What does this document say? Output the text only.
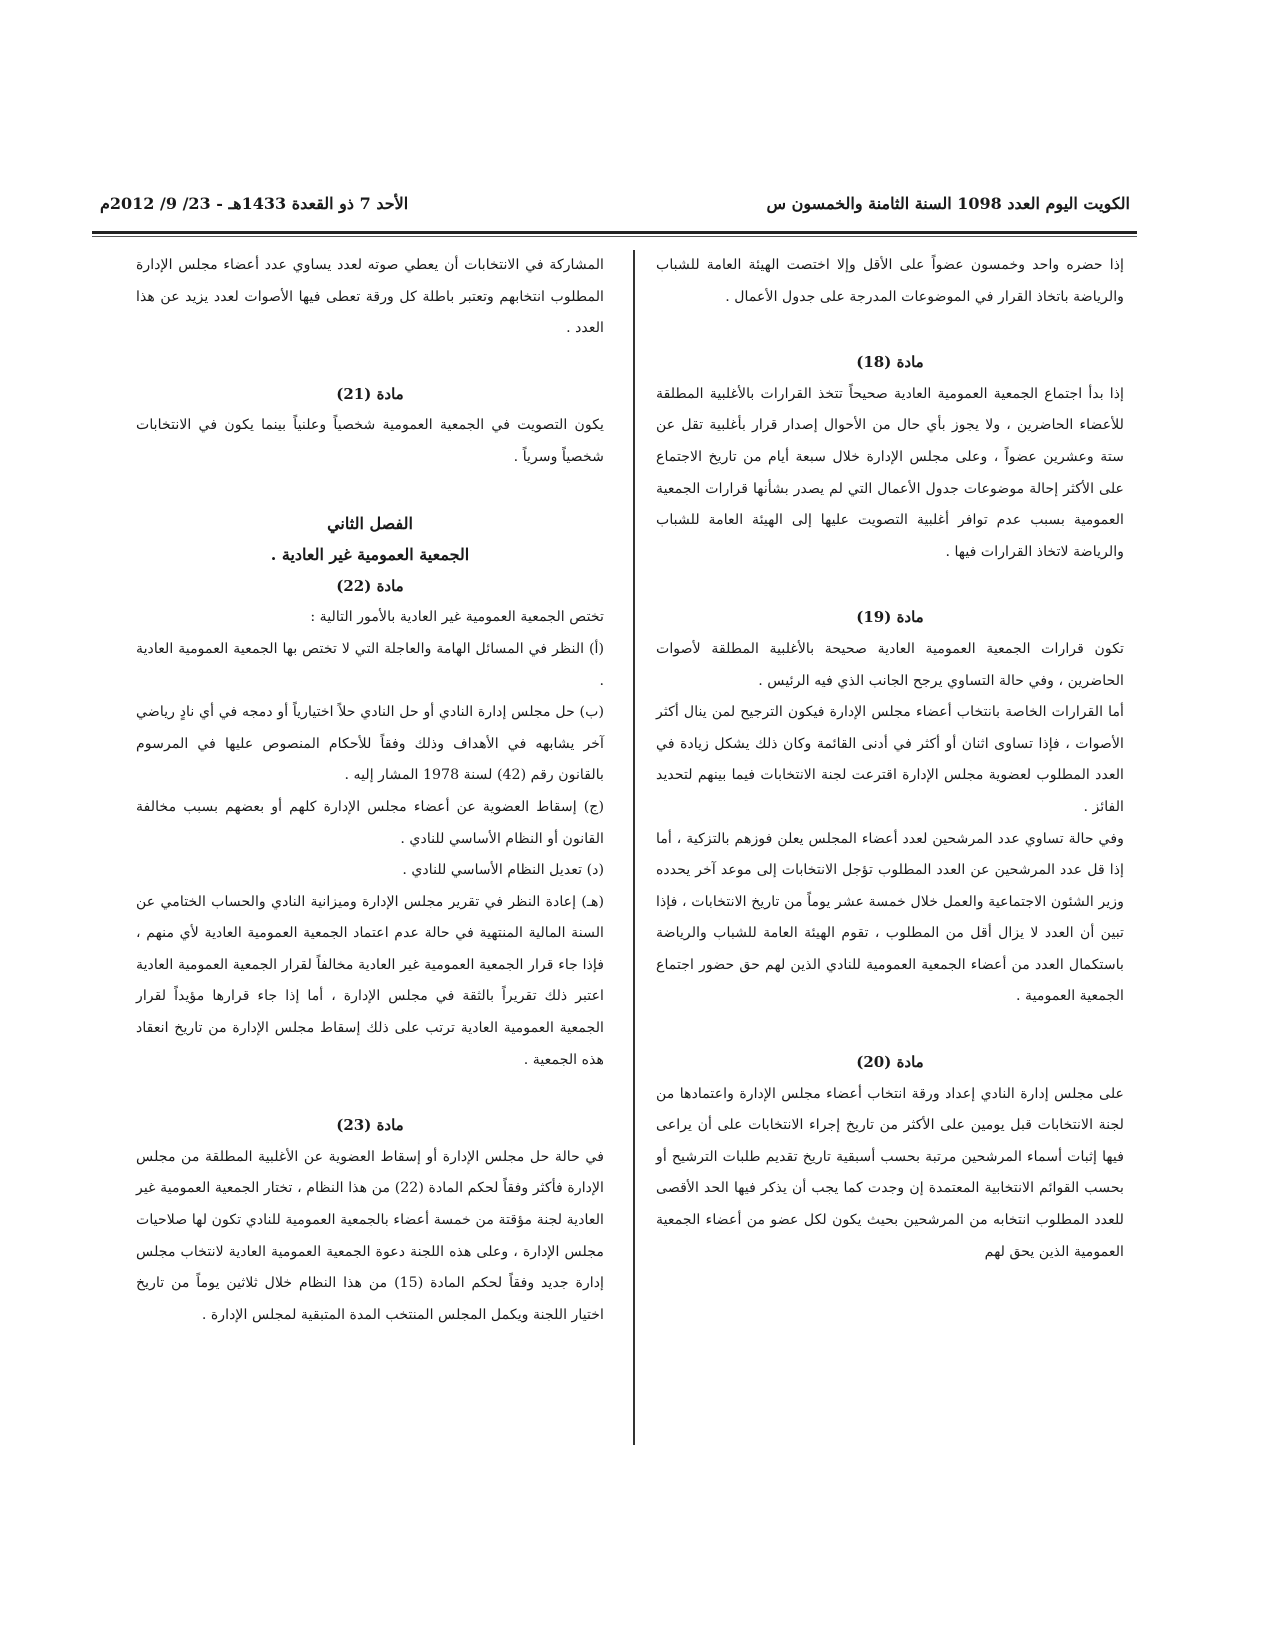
الكويت اليوم العدد 1098 السنة الثامنة والخمسون س
الأحد 7 ذو القعدة 1433هـ - 23/ 9/ 2012م

إذا حضره واحد وخمسون عضواً على الأقل وإلا اختصت الهيئة العامة للشباب والرياضة باتخاذ القرار في الموضوعات المدرجة على جدول الأعمال .

مادة (18)

إذا بدأ اجتماع الجمعية العمومية العادية صحيحاً تتخذ القرارات بالأغلبية المطلقة للأعضاء الحاضرين ، ولا يجوز بأي حال من الأحوال إصدار قرار بأغلبية تقل عن ستة وعشرين عضواً ، وعلى مجلس الإدارة خلال سبعة أيام من تاريخ الاجتماع على الأكثر إحالة موضوعات جدول الأعمال التي لم يصدر بشأنها قرارات الجمعية العمومية بسبب عدم توافر أغلبية التصويت عليها إلى الهيئة العامة للشباب والرياضة لاتخاذ القرارات فيها .

مادة (19)

تكون قرارات الجمعية العمومية العادية صحيحة بالأغلبية المطلقة لأصوات الحاضرين ، وفي حالة التساوي يرجح الجانب الذي فيه الرئيس .

أما القرارات الخاصة بانتخاب أعضاء مجلس الإدارة فيكون الترجيح لمن ينال أكثر الأصوات ، فإذا تساوى اثنان أو أكثر في أدنى القائمة وكان ذلك يشكل زيادة في العدد المطلوب لعضوية مجلس الإدارة اقترعت لجنة الانتخابات فيما بينهم لتحديد الفائز .

وفي حالة تساوي عدد المرشحين لعدد أعضاء المجلس يعلن فوزهم بالتزكية ، أما إذا قل عدد المرشحين عن العدد المطلوب تؤجل الانتخابات إلى موعد آخر يحدده وزير الشئون الاجتماعية والعمل خلال خمسة عشر يوماً من تاريخ الانتخابات ، فإذا تبين أن العدد لا يزال أقل من المطلوب ، تقوم الهيئة العامة للشباب والرياضة باستكمال العدد من أعضاء الجمعية العمومية للنادي الذين لهم حق حضور اجتماع الجمعية العمومية .

مادة (20)

على مجلس إدارة النادي إعداد ورقة انتخاب أعضاء مجلس الإدارة واعتمادها من لجنة الانتخابات قبل يومين على الأكثر من تاريخ إجراء الانتخابات على أن يراعى فيها إثبات أسماء المرشحين مرتبة بحسب أسبقية تاريخ تقديم طلبات الترشيح أو بحسب القوائم الانتخابية المعتمدة إن وجدت كما يجب أن يذكر فيها الحد الأقصى للعدد المطلوب انتخابه من المرشحين بحيث يكون لكل عضو من أعضاء الجمعية العمومية الذين يحق لهم

المشاركة في الانتخابات أن يعطي صوته لعدد يساوي عدد أعضاء مجلس الإدارة المطلوب انتخابهم وتعتبر باطلة كل ورقة تعطى فيها الأصوات لعدد يزيد عن هذا العدد .

مادة (21)

يكون التصويت في الجمعية العمومية شخصياً وعلنياً بينما يكون في الانتخابات شخصياً وسرياً .

الفصل الثاني

الجمعية العمومية غير العادية .

مادة (22)

تختص الجمعية العمومية غير العادية بالأمور التالية :

(أ) النظر في المسائل الهامة والعاجلة التي لا تختص بها الجمعية العمومية العادية .

(ب) حل مجلس إدارة النادي أو حل النادي حلاً اختيارياً أو دمجه في أي نادٍ رياضي آخر يشابهه في الأهداف وذلك وفقاً للأحكام المنصوص عليها في المرسوم بالقانون رقم (42) لسنة 1978 المشار إليه .

(ج) إسقاط العضوية عن أعضاء مجلس الإدارة كلهم أو بعضهم بسبب مخالفة القانون أو النظام الأساسي للنادي .

(د) تعديل النظام الأساسي للنادي .

(هـ) إعادة النظر في تقرير مجلس الإدارة وميزانية النادي والحساب الختامي عن السنة المالية المنتهية في حالة عدم اعتماد الجمعية العمومية العادية لأي منهم ، فإذا جاء قرار الجمعية العمومية غير العادية مخالفاً لقرار الجمعية العمومية العادية اعتبر ذلك تقريراً بالثقة في مجلس الإدارة ، أما إذا جاء قرارها مؤيداً لقرار الجمعية العمومية العادية ترتب على ذلك إسقاط مجلس الإدارة من تاريخ انعقاد هذه الجمعية .

مادة (23)

في حالة حل مجلس الإدارة أو إسقاط العضوية عن الأغلبية المطلقة من مجلس الإدارة فأكثر وفقاً لحكم المادة (22) من هذا النظام ، تختار الجمعية العمومية غير العادية لجنة مؤقتة من خمسة أعضاء بالجمعية العمومية للنادي تكون لها صلاحيات مجلس الإدارة ، وعلى هذه اللجنة دعوة الجمعية العمومية العادية لانتخاب مجلس إدارة جديد وفقاً لحكم المادة (15) من هذا النظام خلال ثلاثين يوماً من تاريخ اختيار اللجنة ويكمل المجلس المنتخب المدة المتبقية لمجلس الإدارة .
